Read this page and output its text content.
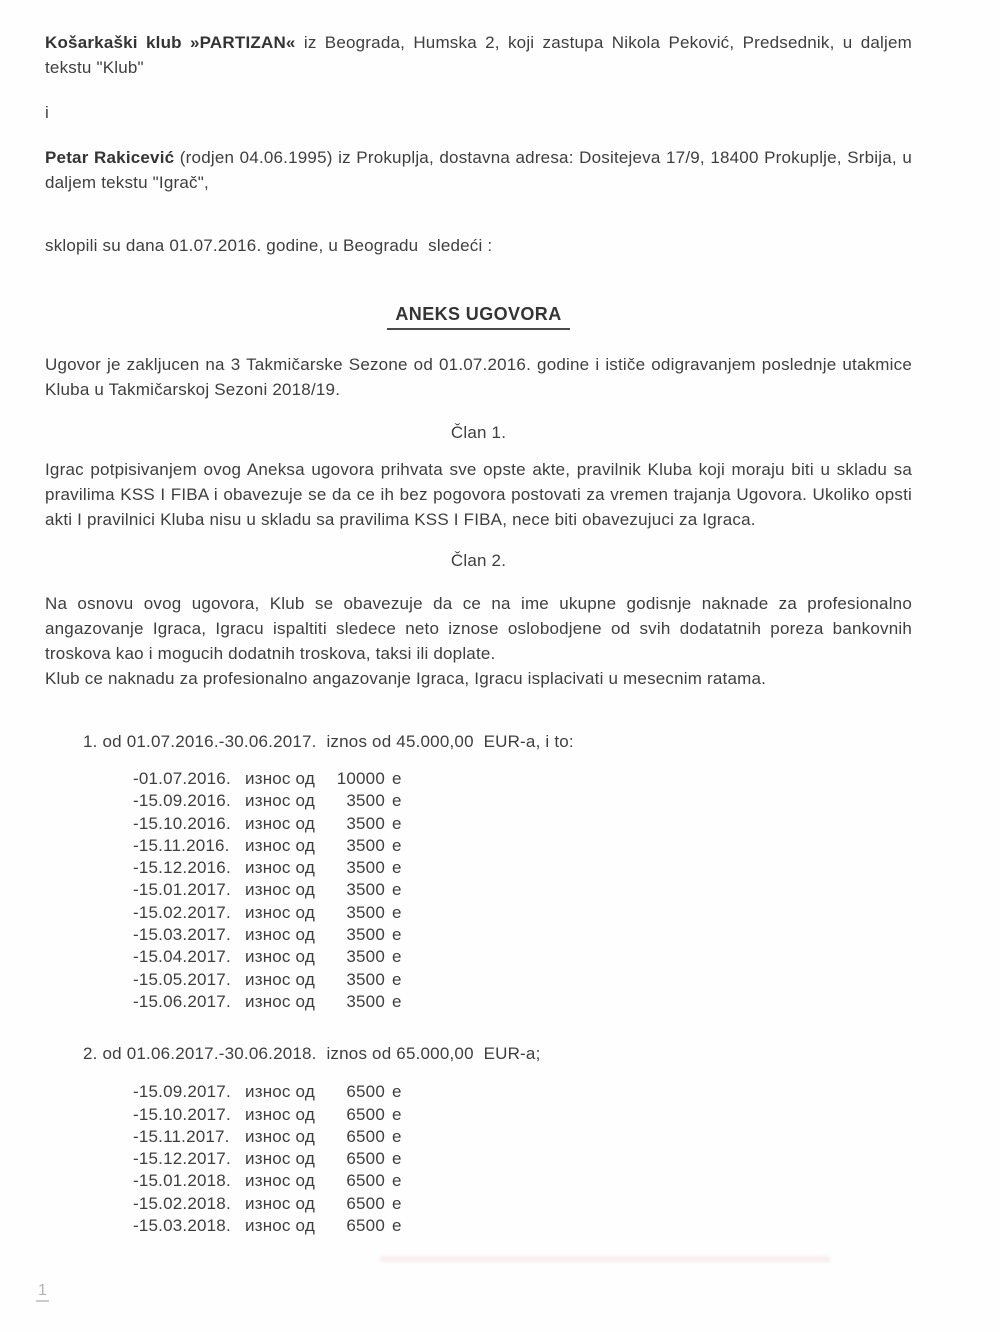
Košarkaški klub »PARTIZAN« iz Beograda, Humska 2, koji zastupa Nikola Peković, Predsednik, u daljem tekstu "Klub"

i

Petar Rakicević (rodjen 04.06.1995) iz Prokuplja, dostavna adresa: Dositejeva 17/9, 18400 Prokuplje, Srbija, u daljem tekstu "Igrač",

sklopili su dana 01.07.2016. godine, u Beogradu  sledeći :

ANEKS UGOVORA

Ugovor je zakljucen na 3 Takmičarske Sezone od 01.07.2016. godine i ističe odigravanjem poslednje utakmice Kluba u Takmičarskoj Sezoni 2018/19.

Član 1.

Igrac potpisivanjem ovog Aneksa ugovora prihvata sve opste akte, pravilnik Kluba koji moraju biti u skladu sa pravilima KSS I FIBA i obavezuje se da ce ih bez pogovora postovati za vremen trajanja Ugovora. Ukoliko opsti akti I pravilnici Kluba nisu u skladu sa pravilima KSS I FIBA, nece biti obavezujuci za Igraca.

Član 2.

Na osnovu ovog ugovora, Klub se obavezuje da ce na ime ukupne godisnje naknade za profesionalno angazovanje Igraca, Igracu ispaltiti sledece neto iznose oslobodjene od svih dodatatnih poreza bankovnih troskova kao i mogucih dodatnih troskova, taksi ili doplate.

Klub ce naknadu za profesionalno angazovanje Igraca, Igracu isplacivati u mesecnim ratama.

1. od 01.07.2016.-30.06.2017.  iznos od 45.000,00  EUR-a, i to:

-01.07.2016. износ од 10000 e
-15.09.2016. износ од 3500 e
-15.10.2016. износ од 3500 e
-15.11.2016. износ од 3500 e
-15.12.2016. износ од 3500 e
-15.01.2017. износ од 3500 e
-15.02.2017. износ од 3500 e
-15.03.2017. износ од 3500 e
-15.04.2017. износ од 3500 e
-15.05.2017. износ од 3500 e
-15.06.2017. износ од 3500 e

2. od 01.06.2017.-30.06.2018.  iznos od 65.000,00  EUR-a;

-15.09.2017. износ од 6500 e
-15.10.2017. износ од 6500 e
-15.11.2017. износ од 6500 e
-15.12.2017. износ од 6500 e
-15.01.2018. износ од 6500 e
-15.02.2018. износ од 6500 e
-15.03.2018. износ од 6500 e
1
